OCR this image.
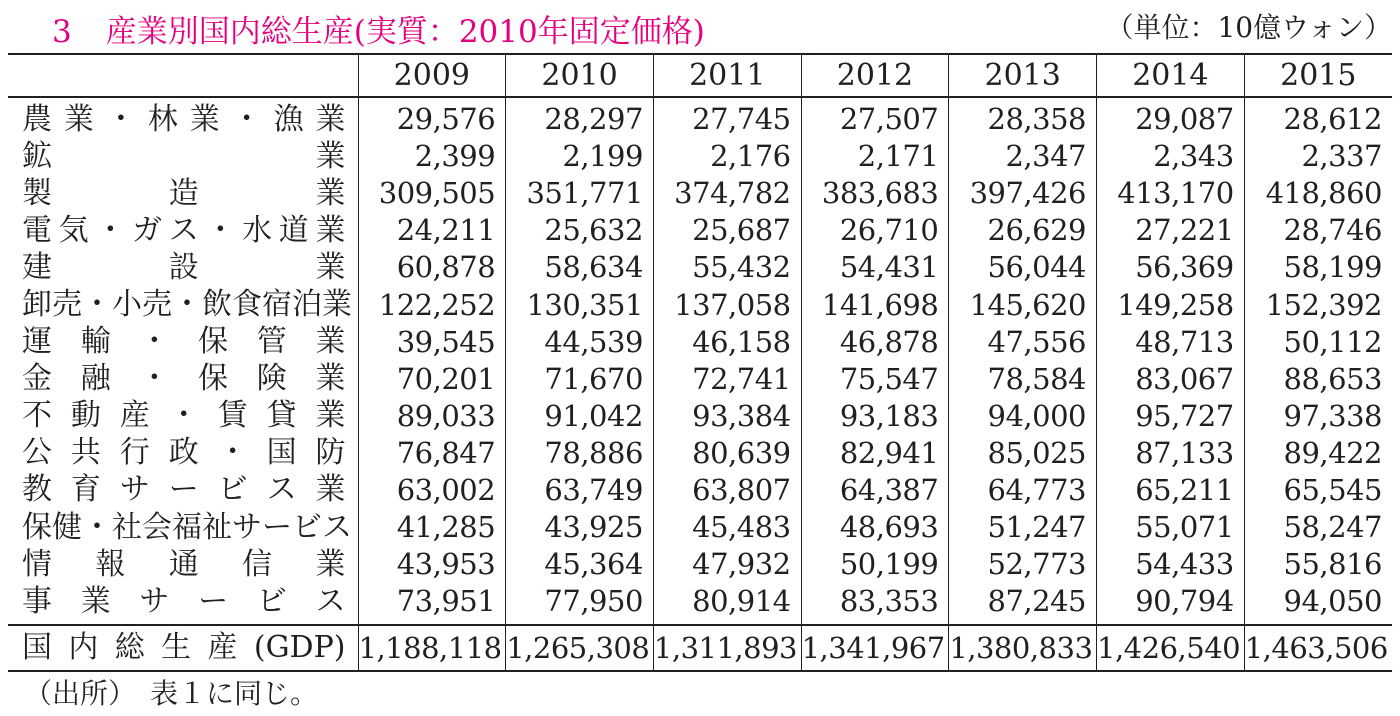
3 産業別国内総生産(実質：2010年固定価格)	（単位：10億ウォン）
	2009	2010	2011	2012	2013	2014	2015
農業・林業・漁業	29,576	28,297	27,745	27,507	28,358	29,087	28,612
鉱業	2,399	2,199	2,176	2,171	2,347	2,343	2,337
製造業	309,505	351,771	374,782	383,683	397,426	413,170	418,860
電気・ガス・水道業	24,211	25,632	25,687	26,710	26,629	27,221	28,746
建設業	60,878	58,634	55,432	54,431	56,044	56,369	58,199
卸売・小売・飲食宿泊業	122,252	130,351	137,058	141,698	145,620	149,258	152,392
運輸・保管業	39,545	44,539	46,158	46,878	47,556	48,713	50,112
金融・保険業	70,201	71,670	72,741	75,547	78,584	83,067	88,653
不動産・賃貸業	89,033	91,042	93,384	93,183	94,000	95,727	97,338
公共行政・国防	76,847	78,886	80,639	82,941	85,025	87,133	89,422
教育サービス業	63,002	63,749	63,807	64,387	64,773	65,211	65,545
保健・社会福祉サービス	41,285	43,925	45,483	48,693	51,247	55,071	58,247
情報通信業	43,953	45,364	47,932	50,199	52,773	54,433	55,816
事業サービス	73,951	77,950	80,914	83,353	87,245	90,794	94,050
国内総生産(GDP)	1,188,118	1,265,308	1,311,893	1,341,967	1,380,833	1,426,540	1,463,506
（出所）　表１に同じ。
